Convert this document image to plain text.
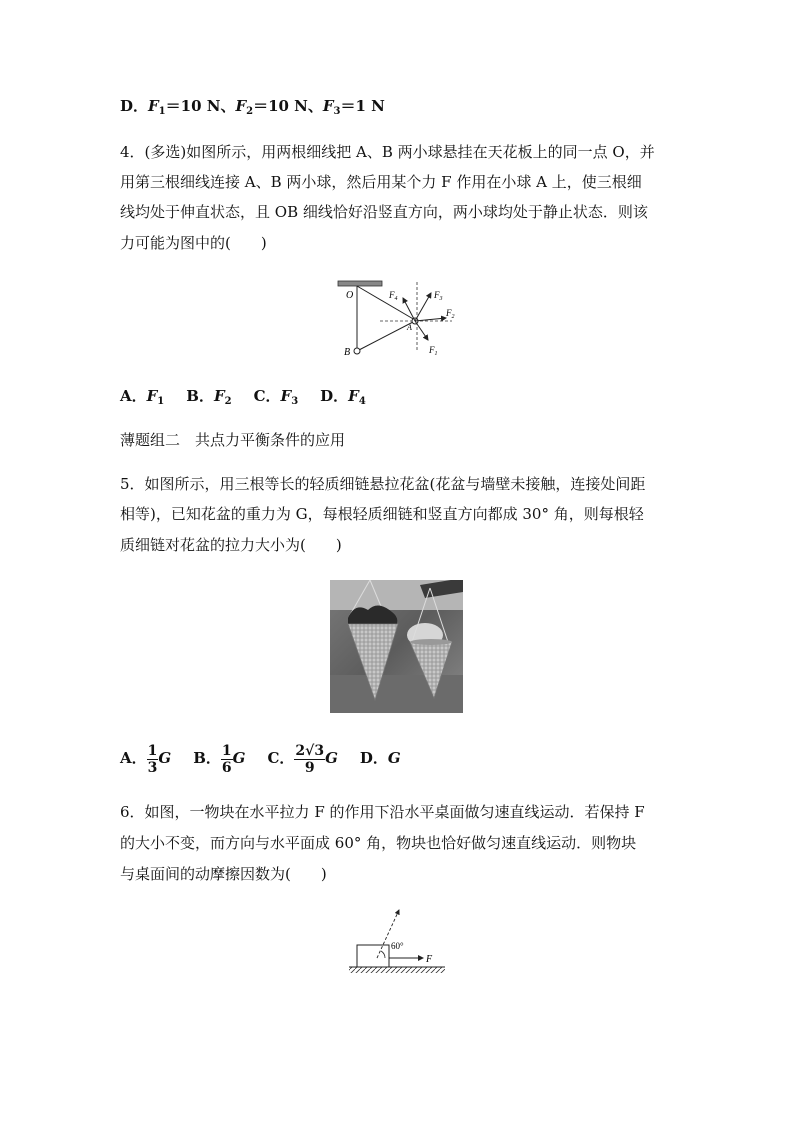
D．$F_1=10$ N、$F_2=10$ N、$F_3=1$ N
4．(多选)如图所示，用两根细线把 A、B 两小球悬挂在天花板上的同一点 O，并
用第三根细线连接 A、B 两小球，然后用某个力 F 作用在小球 A 上，使三根细
线均处于伸直状态，且 OB 细线恰好沿竖直方向，两小球均处于静止状态．则该
力可能为图中的(　　)
O
A
B
$F_4$	$F_3$
$F_2$
$F_1$
A．$F_1$ B．$F_2$ C．$F_3$ D．$F_4$
薄题组二　共点力平衡条件的应用
5．如图所示，用三根等长的轻质细链悬拉花盆(花盆与墙壁未接触，连接处间距
相等)，已知花盆的重力为 G，每根轻质细链和竖直方向都成 30° 角，则每根轻
质细链对花盆的拉力大小为(　　)
A． $\frac{1}{3}$ G B． $\frac{1}{6}$ G C． $\frac{2√3}{9}$ G D．G
6．如图，一物块在水平拉力 F 的作用下沿水平桌面做匀速直线运动．若保持 F
的大小不变，而方向与水平面成 60° 角，物块也恰好做匀速直线运动．则物块
与桌面间的动摩擦因数为(　　)
60°
F
